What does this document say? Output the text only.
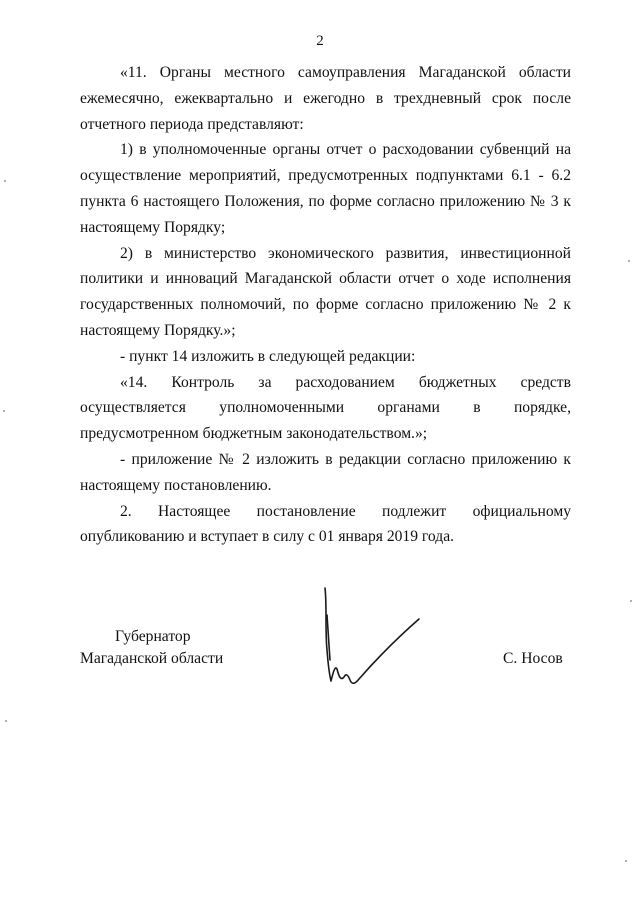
2

«11. Органы местного самоуправления Магаданской области ежемесячно, ежеквартально и ежегодно в трехдневный срок после отчетного периода представляют:

1) в уполномоченные органы отчет о расходовании субвенций на осуществление мероприятий, предусмотренных подпунктами 6.1 - 6.2 пункта 6 настоящего Положения, по форме согласно приложению № 3 к настоящему Порядку;

2) в министерство экономического развития, инвестиционной политики и инноваций Магаданской области отчет о ходе исполнения государственных полномочий, по форме согласно приложению № 2 к настоящему Порядку.»;

- пункт 14 изложить в следующей редакции:

«14. Контроль за расходованием бюджетных средств осуществляется уполномоченными органами в порядке, предусмотренном бюджетным законодательством.»;

- приложение № 2 изложить в редакции согласно приложению к настоящему постановлению.

2. Настоящее постановление подлежит официальному опубликованию и вступает в силу с 01 января 2019 года.

Губернатор
Магаданской области	С. Носов
